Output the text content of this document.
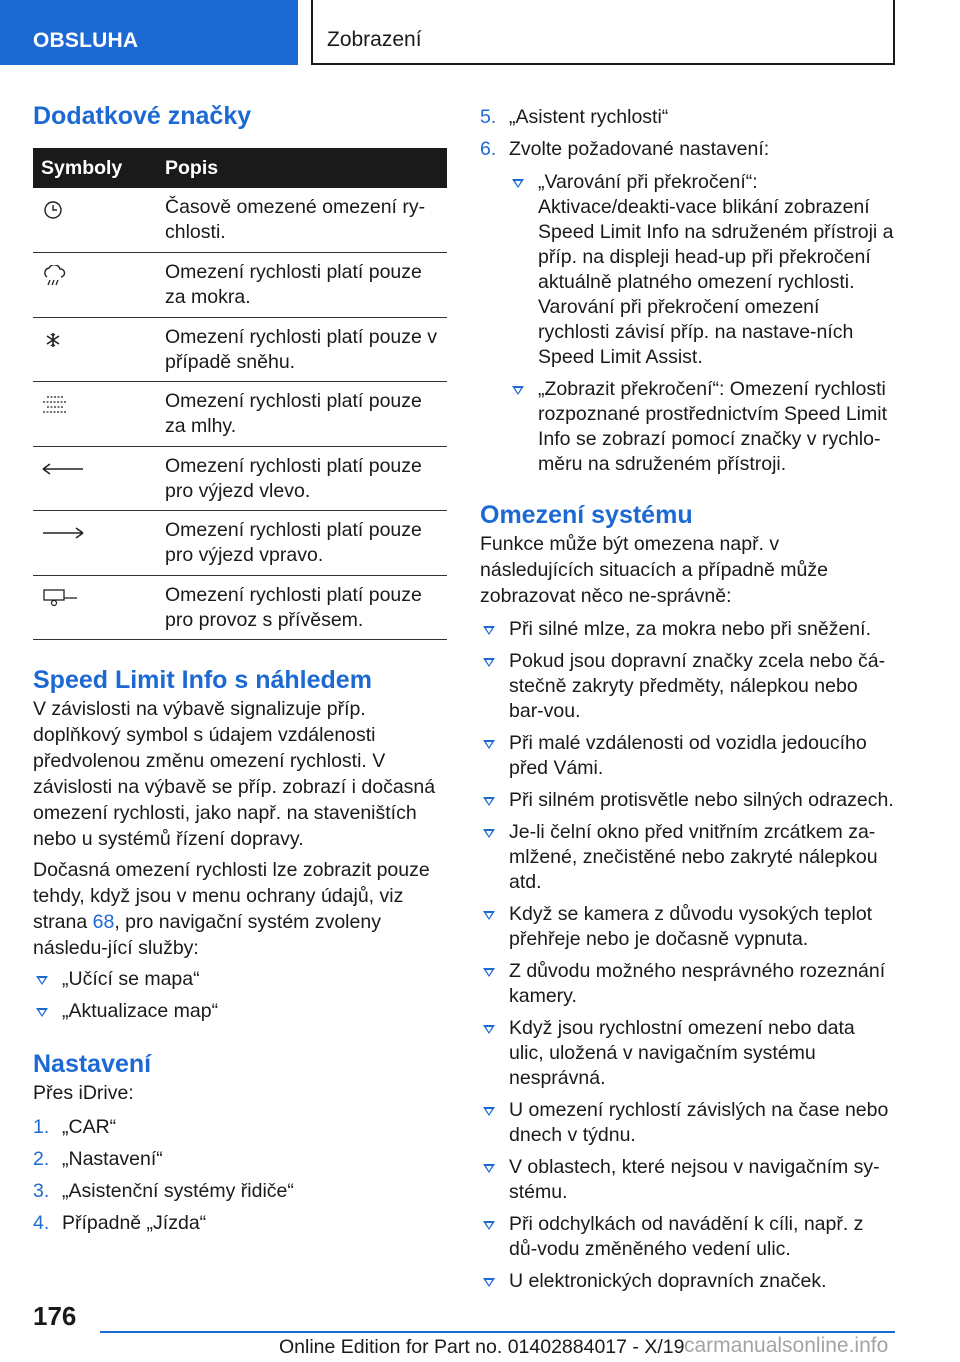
OBSLUHA	Zobrazení
Dodatkové značky
Symboly	Popis
	Časově omezené omezení ry-chlosti.
	Omezení rychlosti platí pouze za mokra.
	Omezení rychlosti platí pouze v případě sněhu.
	Omezení rychlosti platí pouze za mlhy.
	Omezení rychlosti platí pouze pro výjezd vlevo.
	Omezení rychlosti platí pouze pro výjezd vpravo.
	Omezení rychlosti platí pouze pro provoz s přívěsem.
Speed Limit Info s náhledem

V závislosti na výbavě signalizuje příp. doplňkový symbol s údajem vzdálenosti předvolenou změnu omezení rychlosti. V závislosti na výbavě se příp. zobrazí i dočasná omezení rychlosti, jako např. na staveništích nebo u systémů řízení dopravy.

Dočasná omezení rychlosti lze zobrazit pouze tehdy, když jsou v menu ochrany údajů, viz strana 68, pro navigační systém zvoleny následu-jící služby:

„Učící se mapa“
„Aktualizace map“
Nastavení

Přes iDrive:

1. „CAR“
2. „Nastavení“
3. „Asistenční systémy řidiče“
4. Případně „Jízda“
5. „Asistent rychlosti“
6. Zvolte požadované nastavení:
„Varování při překročení“: Aktivace/deakti-vace blikání zobrazení Speed Limit Info na sdruženém přístroji a příp. na displeji head-up při překročení aktuálně platného omezení rychlosti. Varování při překročení omezení rychlosti závisí příp. na nastave-ních Speed Limit Assist.
„Zobrazit překročení“: Omezení rychlosti rozpoznané prostřednictvím Speed Limit Info se zobrazí pomocí značky v rychlo-měru na sdruženém přístroji.
Omezení systému

Funkce může být omezena např. v následujících situacích a případně může zobrazovat něco ne-správně:

Při silné mlze, za mokra nebo při sněžení.
Pokud jsou dopravní značky zcela nebo čá-stečně zakryty předměty, nálepkou nebo bar-vou.
Při malé vzdálenosti od vozidla jedoucího před Vámi.
Při silném protisvětle nebo silných odrazech.
Je-li čelní okno před vnitřním zrcátkem za-mlžené, znečistěné nebo zakryté nálepkou atd.
Když se kamera z důvodu vysokých teplot přehřeje nebo je dočasně vypnuta.
Z důvodu možného nesprávného rozeznání kamery.
Když jsou rychlostní omezení nebo data ulic, uložená v navigačním systému nesprávná.
U omezení rychlostí závislých na čase nebo dnech v týdnu.
V oblastech, které nejsou v navigačním sy-stému.
Při odchylkách od navádění k cíli, např. z dů-vodu změněného vedení ulic.
U elektronických dopravních značek.
176
Online Edition for Part no. 01402884017 - X/19 carmanualsonline.info
